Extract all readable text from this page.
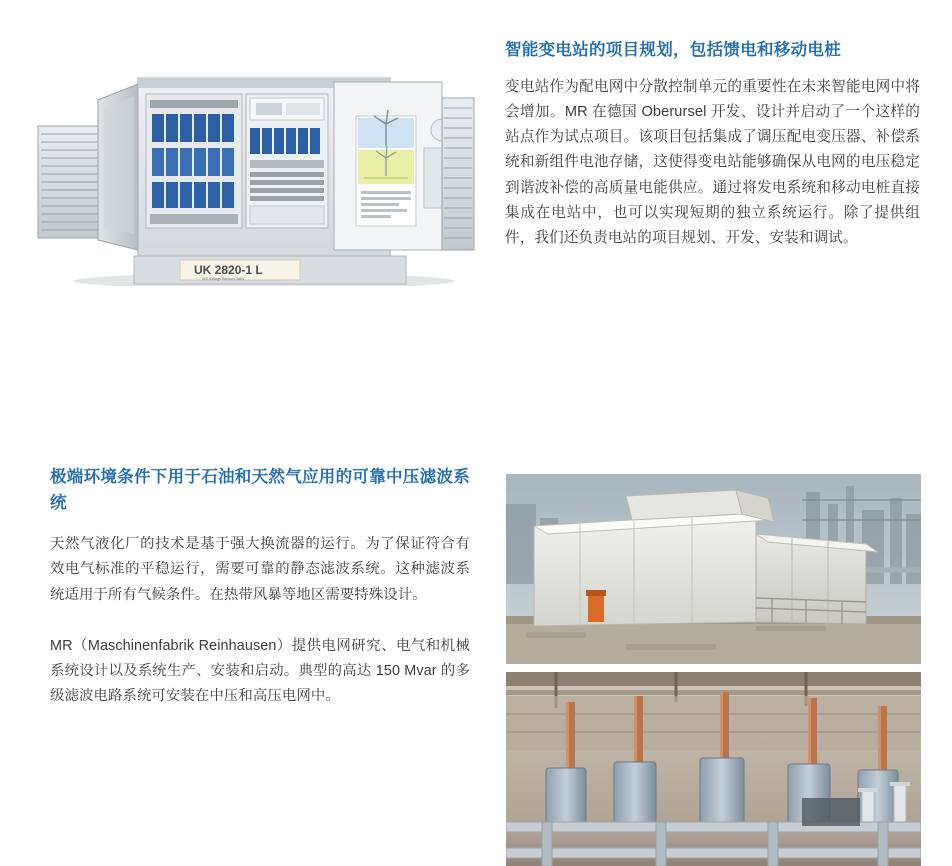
UK 2820-1 L
IRS Voltage Sensors 36kV
智能变电站的项目规划，包括馈电和移动电桩
变电站作为配电网中分散控制单元的重要性在未来智能电网中将会增加。MR 在德国 Oberursel 开发、设计并启动了一个这样的站点作为试点项目。该项目包括集成了调压配电变压器、补偿系统和新组件电池存储，这使得变电站能够确保从电网的电压稳定到谐波补偿的高质量电能供应。通过将发电系统和移动电桩直接集成在电站中，也可以实现短期的独立系统运行。除了提供组件，我们还负责电站的项目规划、开发、安装和调试。
极端环境条件下用于石油和天然气应用的可靠中压滤波系统
天然气液化厂的技术是基于强大换流器的运行。为了保证符合有效电气标准的平稳运行，需要可靠的静态滤波系统。这种滤波系统适用于所有气候条件。在热带风暴等地区需要特殊设计。
MR（Maschinenfabrik Reinhausen）提供电网研究、电气和机械系统设计以及系统生产、安装和启动。典型的高达 150 Mvar 的多级滤波电路系统可安装在中压和高压电网中。
